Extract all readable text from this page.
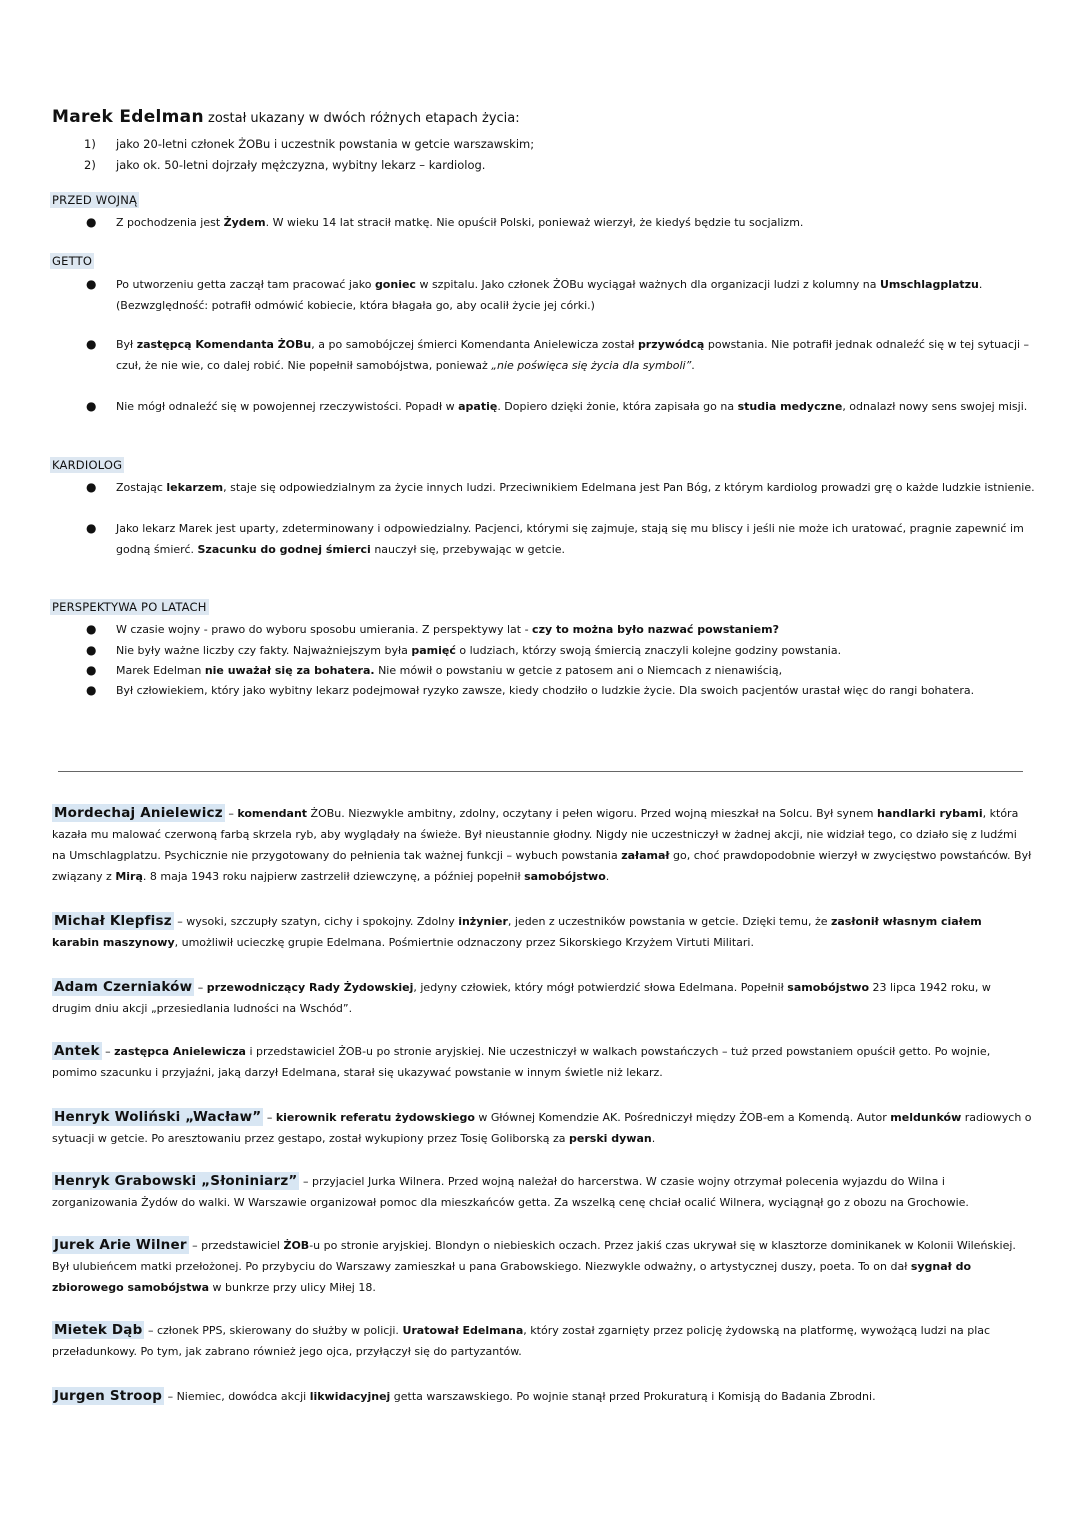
Marek Edelman został ukazany w dwóch różnych etapach życia:
1) jako 20-letni członek ŻOBu i uczestnik powstania w getcie warszawskim;
2) jako ok. 50-letni dojrzały mężczyzna, wybitny lekarz – kardiolog.
PRZED WOJNĄ
● Z pochodzenia jest Żydem. W wieku 14 lat stracił matkę. Nie opuścił Polski, ponieważ wierzył, że kiedyś będzie tu socjalizm.
GETTO
● Po utworzeniu getta zaczął tam pracować jako goniec w szpitalu. Jako członek ŻOBu wyciągał ważnych dla organizacji ludzi z kolumny na Umschlagplatzu. (Bezwzględność: potrafił odmówić kobiecie, która błagała go, aby ocalił życie jej córki.)
● Był zastępcą Komendanta ŻOBu, a po samobójczej śmierci Komendanta Anielewicza został przywódcą powstania. Nie potrafił jednak odnaleźć się w tej sytuacji – czuł, że nie wie, co dalej robić. Nie popełnił samobójstwa, ponieważ „nie poświęca się życia dla symboli”.
● Nie mógł odnaleźć się w powojennej rzeczywistości. Popadł w apatię. Dopiero dzięki żonie, która zapisała go na studia medyczne, odnalazł nowy sens swojej misji.
KARDIOLOG
● Zostając lekarzem, staje się odpowiedzialnym za życie innych ludzi. Przeciwnikiem Edelmana jest Pan Bóg, z którym kardiolog prowadzi grę o każde ludzkie istnienie.
● Jako lekarz Marek jest uparty, zdeterminowany i odpowiedzialny. Pacjenci, którymi się zajmuje, stają się mu bliscy i jeśli nie może ich uratować, pragnie zapewnić im godną śmierć. Szacunku do godnej śmierci nauczył się, przebywając w getcie.
PERSPEKTYWA PO LATACH
● W czasie wojny - prawo do wyboru sposobu umierania. Z perspektywy lat - czy to można było nazwać powstaniem?
● Nie były ważne liczby czy fakty. Najważniejszym była pamięć o ludziach, którzy swoją śmiercią znaczyli kolejne godziny powstania.
● Marek Edelman nie uważał się za bohatera. Nie mówił o powstaniu w getcie z patosem ani o Niemcach z nienawiścią,
● Był człowiekiem, który jako wybitny lekarz podejmował ryzyko zawsze, kiedy chodziło o ludzkie życie. Dla swoich pacjentów urastał więc do rangi bohatera.
Mordechaj Anielewicz – komendant ŻOBu. Niezwykle ambitny, zdolny, oczytany i pełen wigoru. Przed wojną mieszkał na Solcu. Był synem handlarki rybami, która kazała mu malować czerwoną farbą skrzela ryb, aby wyglądały na świeże. Był nieustannie głodny. Nigdy nie uczestniczył w żadnej akcji, nie widział tego, co działo się z ludźmi na Umschlagplatzu. Psychicznie nie przygotowany do pełnienia tak ważnej funkcji – wybuch powstania załamał go, choć prawdopodobnie wierzył w zwycięstwo powstańców. Był związany z Mirą. 8 maja 1943 roku najpierw zastrzelił dziewczynę, a później popełnił samobójstwo.
Michał Klepfisz – wysoki, szczupły szatyn, cichy i spokojny. Zdolny inżynier, jeden z uczestników powstania w getcie. Dzięki temu, że zasłonił własnym ciałem karabin maszynowy, umożliwił ucieczkę grupie Edelmana. Pośmiertnie odznaczony przez Sikorskiego Krzyżem Virtuti Militari.
Adam Czerniaków – przewodniczący Rady Żydowskiej, jedyny człowiek, który mógł potwierdzić słowa Edelmana. Popełnił samobójstwo 23 lipca 1942 roku, w drugim dniu akcji „przesiedlania ludności na Wschód”.
Antek – zastępca Anielewicza i przedstawiciel ŻOB-u po stronie aryjskiej. Nie uczestniczył w walkach powstańczych – tuż przed powstaniem opuścił getto. Po wojnie, pomimo szacunku i przyjaźni, jaką darzył Edelmana, starał się ukazywać powstanie w innym świetle niż lekarz.
Henryk Woliński „Wacław” – kierownik referatu żydowskiego w Głównej Komendzie AK. Pośredniczył między ŻOB-em a Komendą. Autor meldunków radiowych o sytuacji w getcie. Po aresztowaniu przez gestapo, został wykupiony przez Tosię Goliborską za perski dywan.
Henryk Grabowski „Słoniniarz” – przyjaciel Jurka Wilnera. Przed wojną należał do harcerstwa. W czasie wojny otrzymał polecenia wyjazdu do Wilna i zorganizowania Żydów do walki. W Warszawie organizował pomoc dla mieszkańców getta. Za wszelką cenę chciał ocalić Wilnera, wyciągnął go z obozu na Grochowie.
Jurek Arie Wilner – przedstawiciel ŻOB-u po stronie aryjskiej. Blondyn o niebieskich oczach. Przez jakiś czas ukrywał się w klasztorze dominikanek w Kolonii Wileńskiej. Był ulubieńcem matki przełożonej. Po przybyciu do Warszawy zamieszkał u pana Grabowskiego. Niezwykle odważny, o artystycznej duszy, poeta. To on dał sygnał do zbiorowego samobójstwa w bunkrze przy ulicy Miłej 18.
Mietek Dąb – członek PPS, skierowany do służby w policji. Uratował Edelmana, który został zgarnięty przez policję żydowską na platformę, wywożącą ludzi na plac przeładunkowy. Po tym, jak zabrano również jego ojca, przyłączył się do partyzantów.
Jurgen Stroop – Niemiec, dowódca akcji likwidacyjnej getta warszawskiego. Po wojnie stanął przed Prokuraturą i Komisją do Badania Zbrodni.
